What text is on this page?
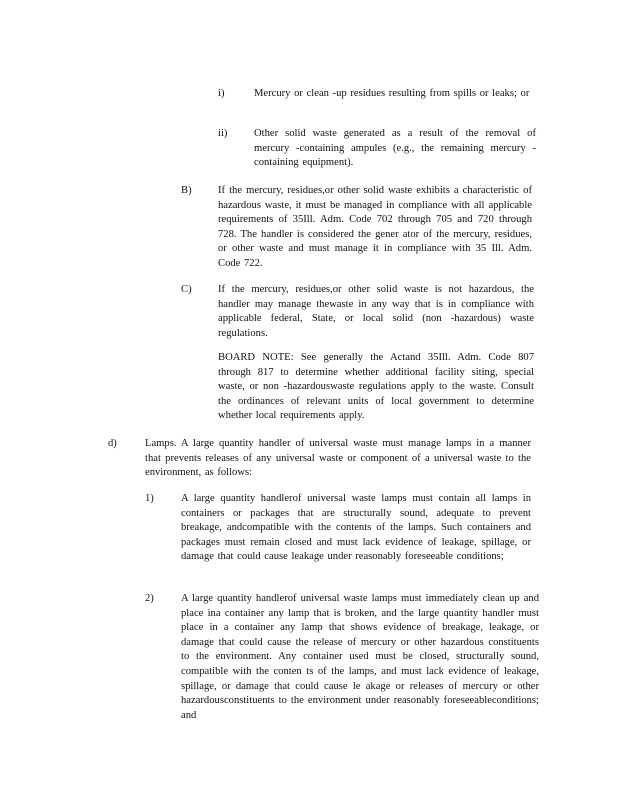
i)	Mercury or clean -up residues resulting from spills or leaks; or
ii)	Other solid waste generated as a result of the removal of mercury -containing ampules (e.g., the remaining mercury - containing equipment).
B) If the mercury, residues,or other solid waste exhibits a characteristic of hazardous waste, it must be managed in compliance with all applicable requirements of 35Ill. Adm. Code 702 through 705 and 720 through 728. The handler is considered the gener ator of the mercury, residues, or other waste and must manage it in compliance with 35 Ill. Adm. Code 722.
C) If the mercury, residues,or other solid waste is not hazardous, the handler may manage thewaste in any way that is in compliance with applicable federal, State, or local solid (non -hazardous) waste regulations.
BOARD NOTE: See generally the Actand 35Ill. Adm. Code 807 through 817 to determine whether additional facility siting, special waste, or non -hazardouswaste regulations apply to the waste. Consult the ordinances of relevant units of local government to determine whether local requirements apply.
d)	Lamps. A large quantity handler of universal waste must manage lamps in a manner that prevents releases of any universal waste or component of a universal waste to the environment, as follows:
1)	A large quantity handlerof universal waste lamps must contain all lamps in containers or packages that are structurally sound, adequate to prevent breakage, andcompatible with the contents of the lamps. Such containers and packages must remain closed and must lack evidence of leakage, spillage, or damage that could cause leakage under reasonably foreseeable conditions;
2)	A large quantity handlerof universal waste lamps must immediately clean up and place ina container any lamp that is broken, and the large quantity handler must place in a container any lamp that shows evidence of breakage, leakage, or damage that could cause the release of mercury or other hazardous constituents to the environment. Any container used must be closed, structurally sound, compatible with the conten ts of the lamps, and must lack evidence of leakage, spillage, or damage that could cause le akage or releases of mercury or other hazardousconstituents to the environment under reasonably foreseeableconditions; and
